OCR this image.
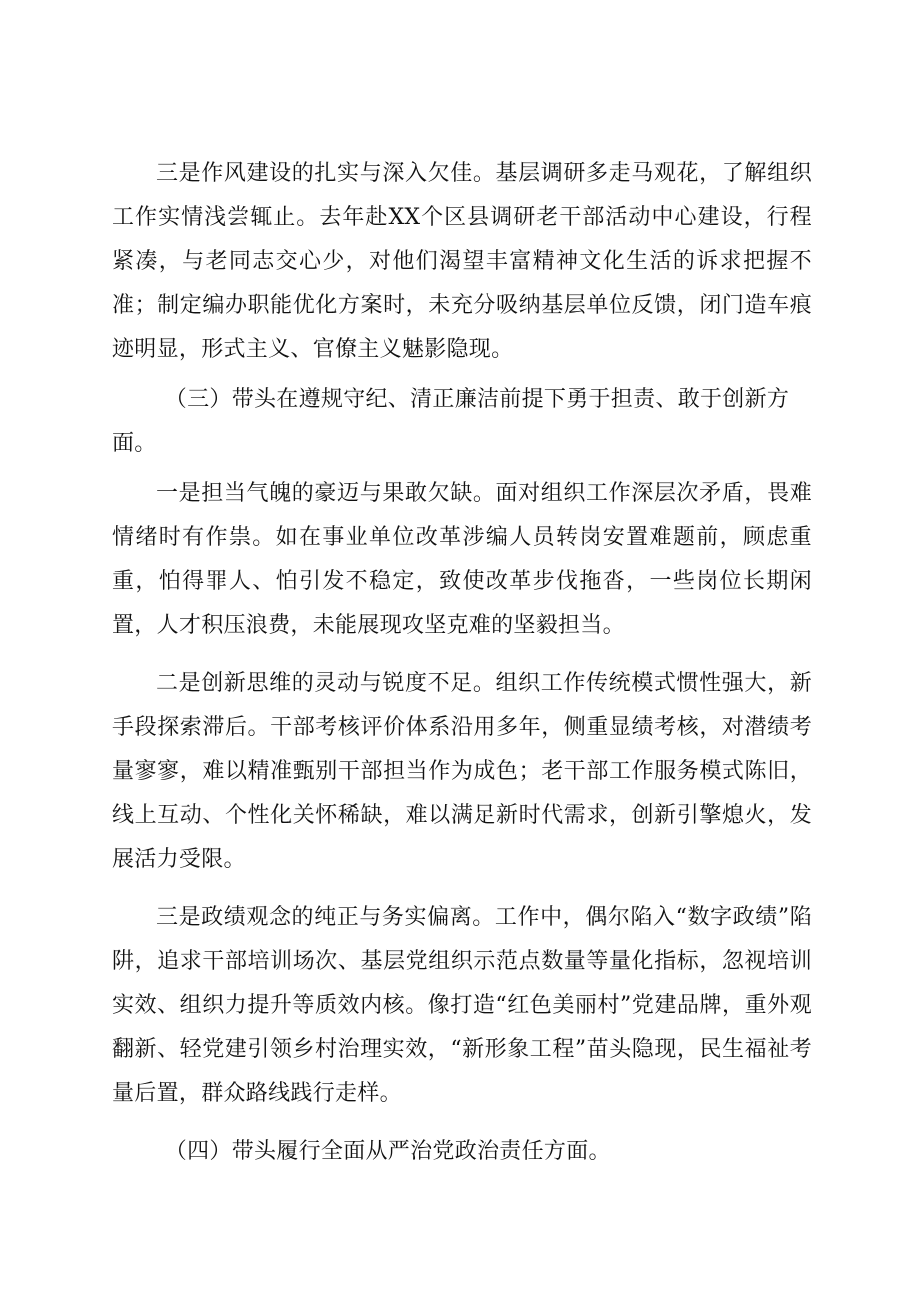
三是作风建设的扎实与深入欠佳。基层调研多走马观花，了解组织工作实情浅尝辄止。去年赴XX个区县调研老干部活动中心建设，行程紧凑，与老同志交心少，对他们渴望丰富精神文化生活的诉求把握不准；制定编办职能优化方案时，未充分吸纳基层单位反馈，闭门造车痕迹明显，形式主义、官僚主义魅影隐现。

（三）带头在遵规守纪、清正廉洁前提下勇于担责、敢于创新方面。

一是担当气魄的豪迈与果敢欠缺。面对组织工作深层次矛盾，畏难情绪时有作祟。如在事业单位改革涉编人员转岗安置难题前，顾虑重重，怕得罪人、怕引发不稳定，致使改革步伐拖沓，一些岗位长期闲置，人才积压浪费，未能展现攻坚克难的坚毅担当。

二是创新思维的灵动与锐度不足。组织工作传统模式惯性强大，新手段探索滞后。干部考核评价体系沿用多年，侧重显绩考核，对潜绩考量寥寥，难以精准甄别干部担当作为成色；老干部工作服务模式陈旧，线上互动、个性化关怀稀缺，难以满足新时代需求，创新引擎熄火，发展活力受限。

三是政绩观念的纯正与务实偏离。工作中，偶尔陷入“数字政绩”陷阱，追求干部培训场次、基层党组织示范点数量等量化指标，忽视培训实效、组织力提升等质效内核。像打造“红色美丽村”党建品牌，重外观翻新、轻党建引领乡村治理实效，“新形象工程”苗头隐现，民生福祉考量后置，群众路线践行走样。

（四）带头履行全面从严治党政治责任方面。
